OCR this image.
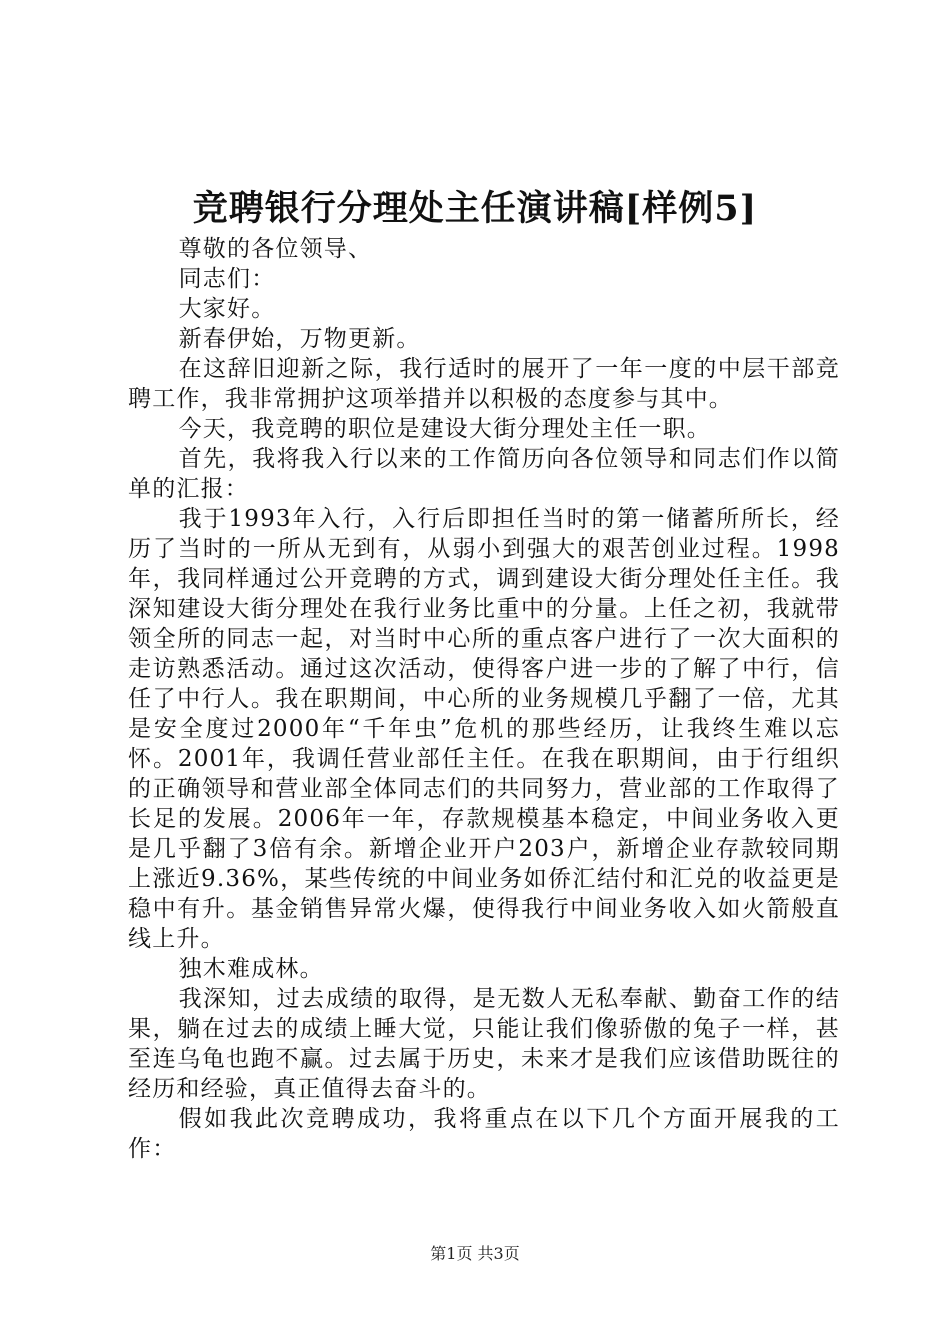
竞聘银行分理处主任演讲稿[样例5]

尊敬的各位领导、

同志们：

大家好。

新春伊始，万物更新。

在这辞旧迎新之际，我行适时的展开了一年一度的中层干部竞聘工作，我非常拥护这项举措并以积极的态度参与其中。

今天，我竞聘的职位是建设大街分理处主任一职。

首先，我将我入行以来的工作简历向各位领导和同志们作以简单的汇报：

我于1993年入行，入行后即担任当时的第一储蓄所所长，经历了当时的一所从无到有，从弱小到强大的艰苦创业过程。1998年，我同样通过公开竞聘的方式，调到建设大街分理处任主任。我深知建设大街分理处在我行业务比重中的分量。上任之初，我就带领全所的同志一起，对当时中心所的重点客户进行了一次大面积的走访熟悉活动。通过这次活动，使得客户进一步的了解了中行，信任了中行人。我在职期间，中心所的业务规模几乎翻了一倍，尤其是安全度过2000年“千年虫”危机的那些经历，让我终生难以忘怀。2001年，我调任营业部任主任。在我在职期间，由于行组织的正确领导和营业部全体同志们的共同努力，营业部的工作取得了长足的发展。2006年一年，存款规模基本稳定，中间业务收入更是几乎翻了3倍有余。新增企业开户203户，新增企业存款较同期上涨近9.36%，某些传统的中间业务如侨汇结付和汇兑的收益更是稳中有升。基金销售异常火爆，使得我行中间业务收入如火箭般直线上升。

独木难成林。

我深知，过去成绩的取得，是无数人无私奉献、勤奋工作的结果，躺在过去的成绩上睡大觉，只能让我们像骄傲的兔子一样，甚至连乌龟也跑不赢。过去属于历史，未来才是我们应该借助既往的经历和经验，真正值得去奋斗的。

假如我此次竞聘成功，我将重点在以下几个方面开展我的工作：

第1页 共3页
